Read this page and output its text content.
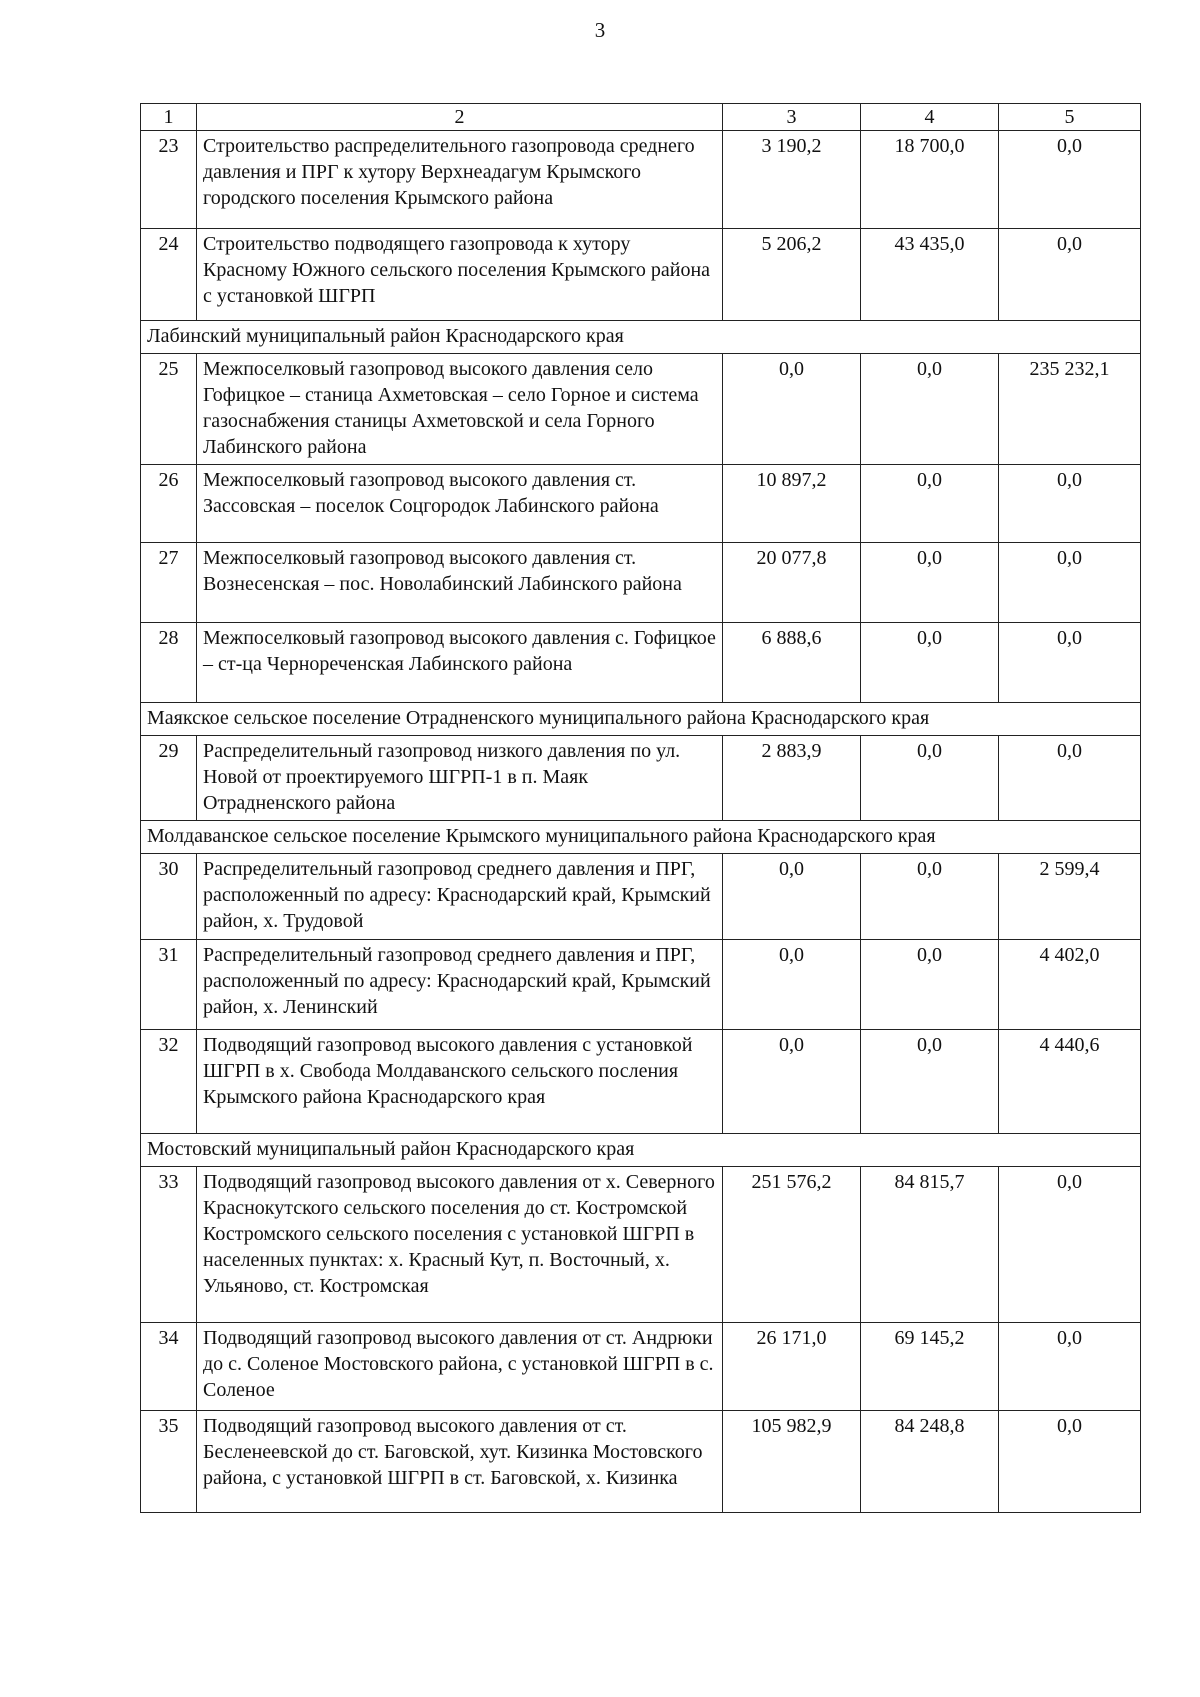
3
1	2	3	4	5
23	Строительство распределительного газопровода среднего давления и ПРГ к хутору Верхнеадагум Крымского городского поселения Крымского района	3 190,2	18 700,0	0,0
24	Строительство подводящего газопровода к хутору Красному Южного сельского поселения Крымского района с установкой ШГРП	5 206,2	43 435,0	0,0
Лабинский муниципальный район Краснодарского края				
25	Межпоселковый газопровод высокого давления село Гофицкое – станица Ахметовская – село Горное и система газоснабжения станицы Ахметовской и села Горного Лабинского района	0,0	0,0	235 232,1
26	Межпоселковый газопровод высокого давления ст. Зассовская – поселок Соцгородок Лабинского района	10 897,2	0,0	0,0
27	Межпоселковый газопровод высокого давления ст. Вознесенская – пос. Новолабинский Лабинского района	20 077,8	0,0	0,0
28	Межпоселковый газопровод высокого давления с. Гофицкое – ст-ца Черноречeнская Лабинского района	6 888,6	0,0	0,0
Маякское сельское поселение Отрадненского муниципального района Краснодарского края				
29	Распределительный газопровод низкого давления по ул. Новой от проектируемого ШГРП-1 в п. Маяк Отрадненского района	2 883,9	0,0	0,0
Молдаванское сельское поселение Крымского муниципального района Краснодарского края				
30	Распределительный газопровод среднего давления и ПРГ, расположенный по адресу: Краснодарский край, Крымский район, х. Трудовой	0,0	0,0	2 599,4
31	Распределительный газопровод среднего давления и ПРГ, расположенный по адресу: Краснодарский край, Крымский район, х. Ленинский	0,0	0,0	4 402,0
32	Подводящий газопровод высокого давления с установкой ШГРП в х. Свобода Молдаванского сельского посления Крымского района Краснодарского края	0,0	0,0	4 440,6
Мостовский муниципальный район Краснодарского края				
33	Подводящий газопровод высокого давления от х. Северного Краснокутского сельского поселения до ст. Костромской Костромского сельского поселения с установкой ШГРП в населенных пунктах: х. Красный Кут, п. Восточный, х. Ульяново, ст. Костромская	251 576,2	84 815,7	0,0
34	Подводящий газопровод высокого давления от ст. Андрюки до с. Соленое Мостовского района, с установкой ШГРП в с. Соленое	26 171,0	69 145,2	0,0
35	Подводящий газопровод высокого давления от ст. Бесленеевской до ст. Баговской, хут. Кизинка Мостовского района, с установкой ШГРП в ст. Баговской, х. Кизинка	105 982,9	84 248,8	0,0
